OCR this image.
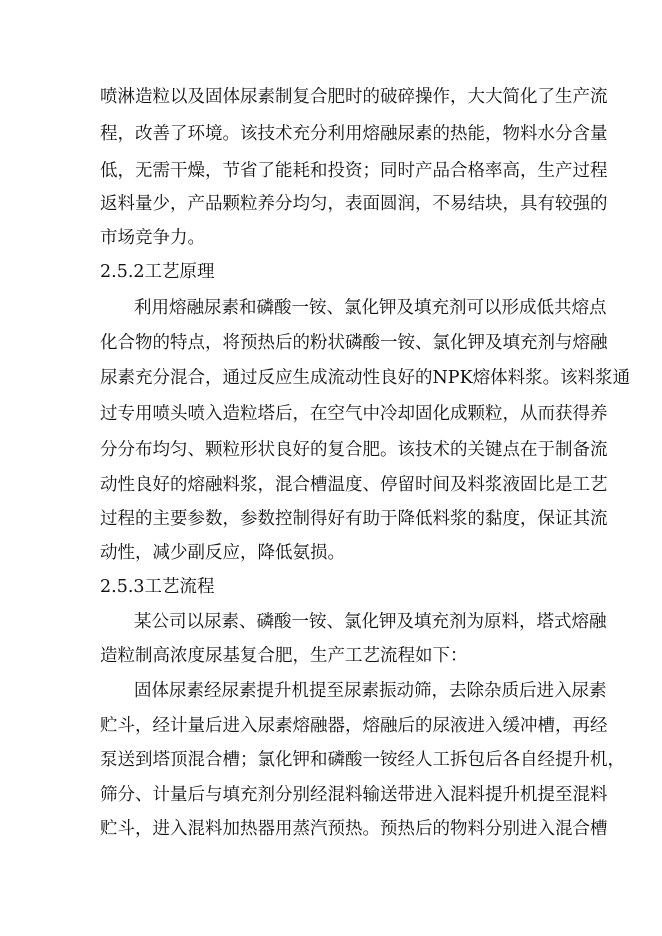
喷淋造粒以及固体尿素制复合肥时的破碎操作，大大简化了生产流
程，改善了环境。该技术充分利用熔融尿素的热能，物料水分含量
低，无需干燥，节省了能耗和投资；同时产品合格率高，生产过程
返料量少，产品颗粒养分均匀，表面圆润，不易结块，具有较强的
市场竞争力。
2.5.2工艺原理
利用熔融尿素和磷酸一铵、氯化钾及填充剂可以形成低共熔点
化合物的特点，将预热后的粉状磷酸一铵、氯化钾及填充剂与熔融
尿素充分混合，通过反应生成流动性良好的NPK熔体料浆。该料浆通
过专用喷头喷入造粒塔后，在空气中冷却固化成颗粒，从而获得养
分分布均匀、颗粒形状良好的复合肥。该技术的关键点在于制备流
动性良好的熔融料浆，混合槽温度、停留时间及料浆液固比是工艺
过程的主要参数，参数控制得好有助于降低料浆的黏度，保证其流
动性，减少副反应，降低氨损。
2.5.3工艺流程
某公司以尿素、磷酸一铵、氯化钾及填充剂为原料，塔式熔融
造粒制高浓度尿基复合肥，生产工艺流程如下：
固体尿素经尿素提升机提至尿素振动筛，去除杂质后进入尿素
贮斗，经计量后进入尿素熔融器，熔融后的尿液进入缓冲槽，再经
泵送到塔顶混合槽；氯化钾和磷酸一铵经人工拆包后各自经提升机，
筛分、计量后与填充剂分别经混料输送带进入混料提升机提至混料
贮斗，进入混料加热器用蒸汽预热。预热后的物料分别进入混合槽
